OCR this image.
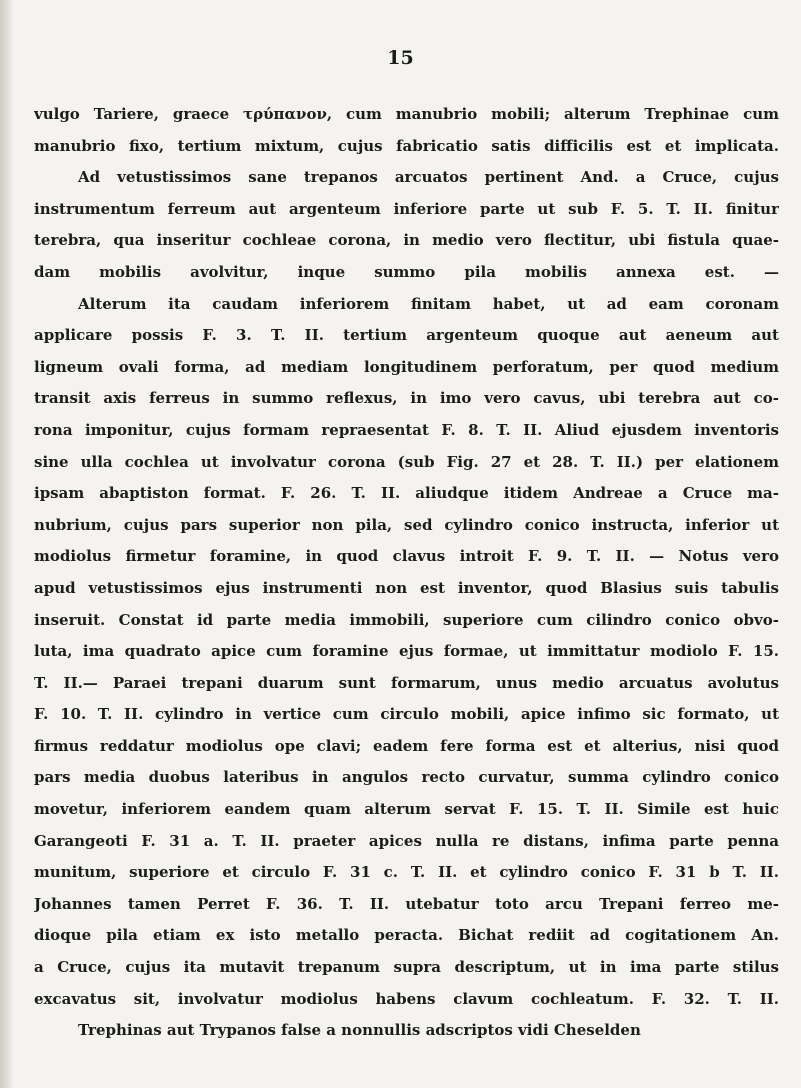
15
vulgo Tariere, graece τρύπανον, cum manubrio mobili; alterum Trephinae cum
manubrio fixo, tertium mixtum, cujus fabricatio satis difficilis est et implicata.
Ad vetustissimos sane trepanos arcuatos pertinent And. a Cruce, cujus
instrumentum ferreum aut argenteum inferiore parte ut sub F. 5. T. II. finitur
terebra, qua inseritur cochleae corona, in medio vero flectitur, ubi fistula quae-
dam mobilis avolvitur, inque summo pila mobilis annexa est. —
Alterum ita caudam inferiorem finitam habet, ut ad eam coronam
applicare possis F. 3. T. II. tertium argenteum quoque aut aeneum aut
ligneum ovali forma, ad mediam longitudinem perforatum, per quod medium
transit axis ferreus in summo reflexus, in imo vero cavus, ubi terebra aut co-
rona imponitur, cujus formam repraesentat F. 8. T. II. Aliud ejusdem inventoris
sine ulla cochlea ut involvatur corona (sub Fig. 27 et 28. T. II.) per elationem
ipsam abaptiston format. F. 26. T. II. aliudque itidem Andreae a Cruce ma-
nubrium, cujus pars superior non pila, sed cylindro conico instructa, inferior ut
modiolus firmetur foramine, in quod clavus introit F. 9. T. II. — Notus vero
apud vetustissimos ejus instrumenti non est inventor, quod Blasius suis tabulis
inseruit. Constat id parte media immobili, superiore cum cilindro conico obvo-
luta, ima quadrato apice cum foramine ejus formae, ut immittatur modiolo F. 15.
T. II.— Paraei trepani duarum sunt formarum, unus medio arcuatus avolutus
F. 10. T. II. cylindro in vertice cum circulo mobili, apice infimo sic formato, ut
firmus reddatur modiolus ope clavi; eadem fere forma est et alterius, nisi quod
pars media duobus lateribus in angulos recto curvatur, summa cylindro conico
movetur, inferiorem eandem quam alterum servat F. 15. T. II. Simile est huic
Garangeoti F. 31 a. T. II. praeter apices nulla re distans, infima parte penna
munitum, superiore et circulo F. 31 c. T. II. et cylindro conico F. 31 b T. II.
Johannes tamen Perret F. 36. T. II. utebatur toto arcu Trepani ferreo me-
dioque pila etiam ex isto metallo peracta. Bichat rediit ad cogitationem An.
a Cruce, cujus ita mutavit trepanum supra descriptum, ut in ima parte stilus
excavatus sit, involvatur modiolus habens clavum cochleatum. F. 32. T. II.
Trephinas aut Trypanos false a nonnullis adscriptos vidi Cheselden
